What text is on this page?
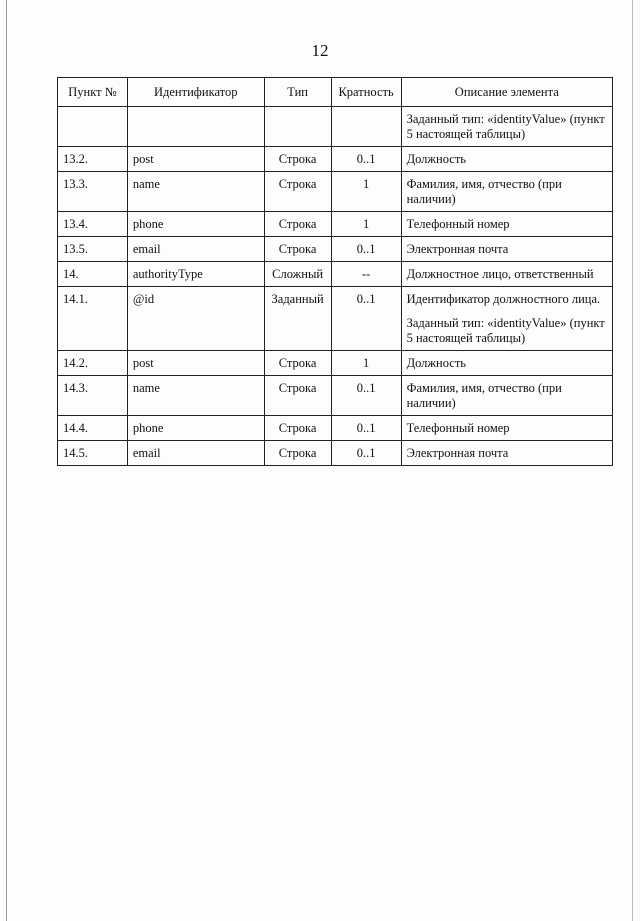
12
Пункт №	Идентификатор	Тип	Кратность	Описание элемента
				Заданный тип: «identityValue» (пункт 5 настоящей таблицы)
13.2.	post	Строка	0..1	Должность
13.3.	name	Строка	1	Фамилия, имя, отчество (при наличии)
13.4.	phone	Строка	1	Телефонный номер
13.5.	email	Строка	0..1	Электронная почта
14.	authorityType	Сложный	--	Должностное лицо, ответственный
14.1.	@id	Заданный	0..1	Идентификатор должностного лица.
Заданный тип: «identityValue» (пункт 5 настоящей таблицы)
14.2.	post	Строка	1	Должность
14.3.	name	Строка	0..1	Фамилия, имя, отчество (при наличии)
14.4.	phone	Строка	0..1	Телефонный номер
14.5.	email	Строка	0..1	Электронная почта
